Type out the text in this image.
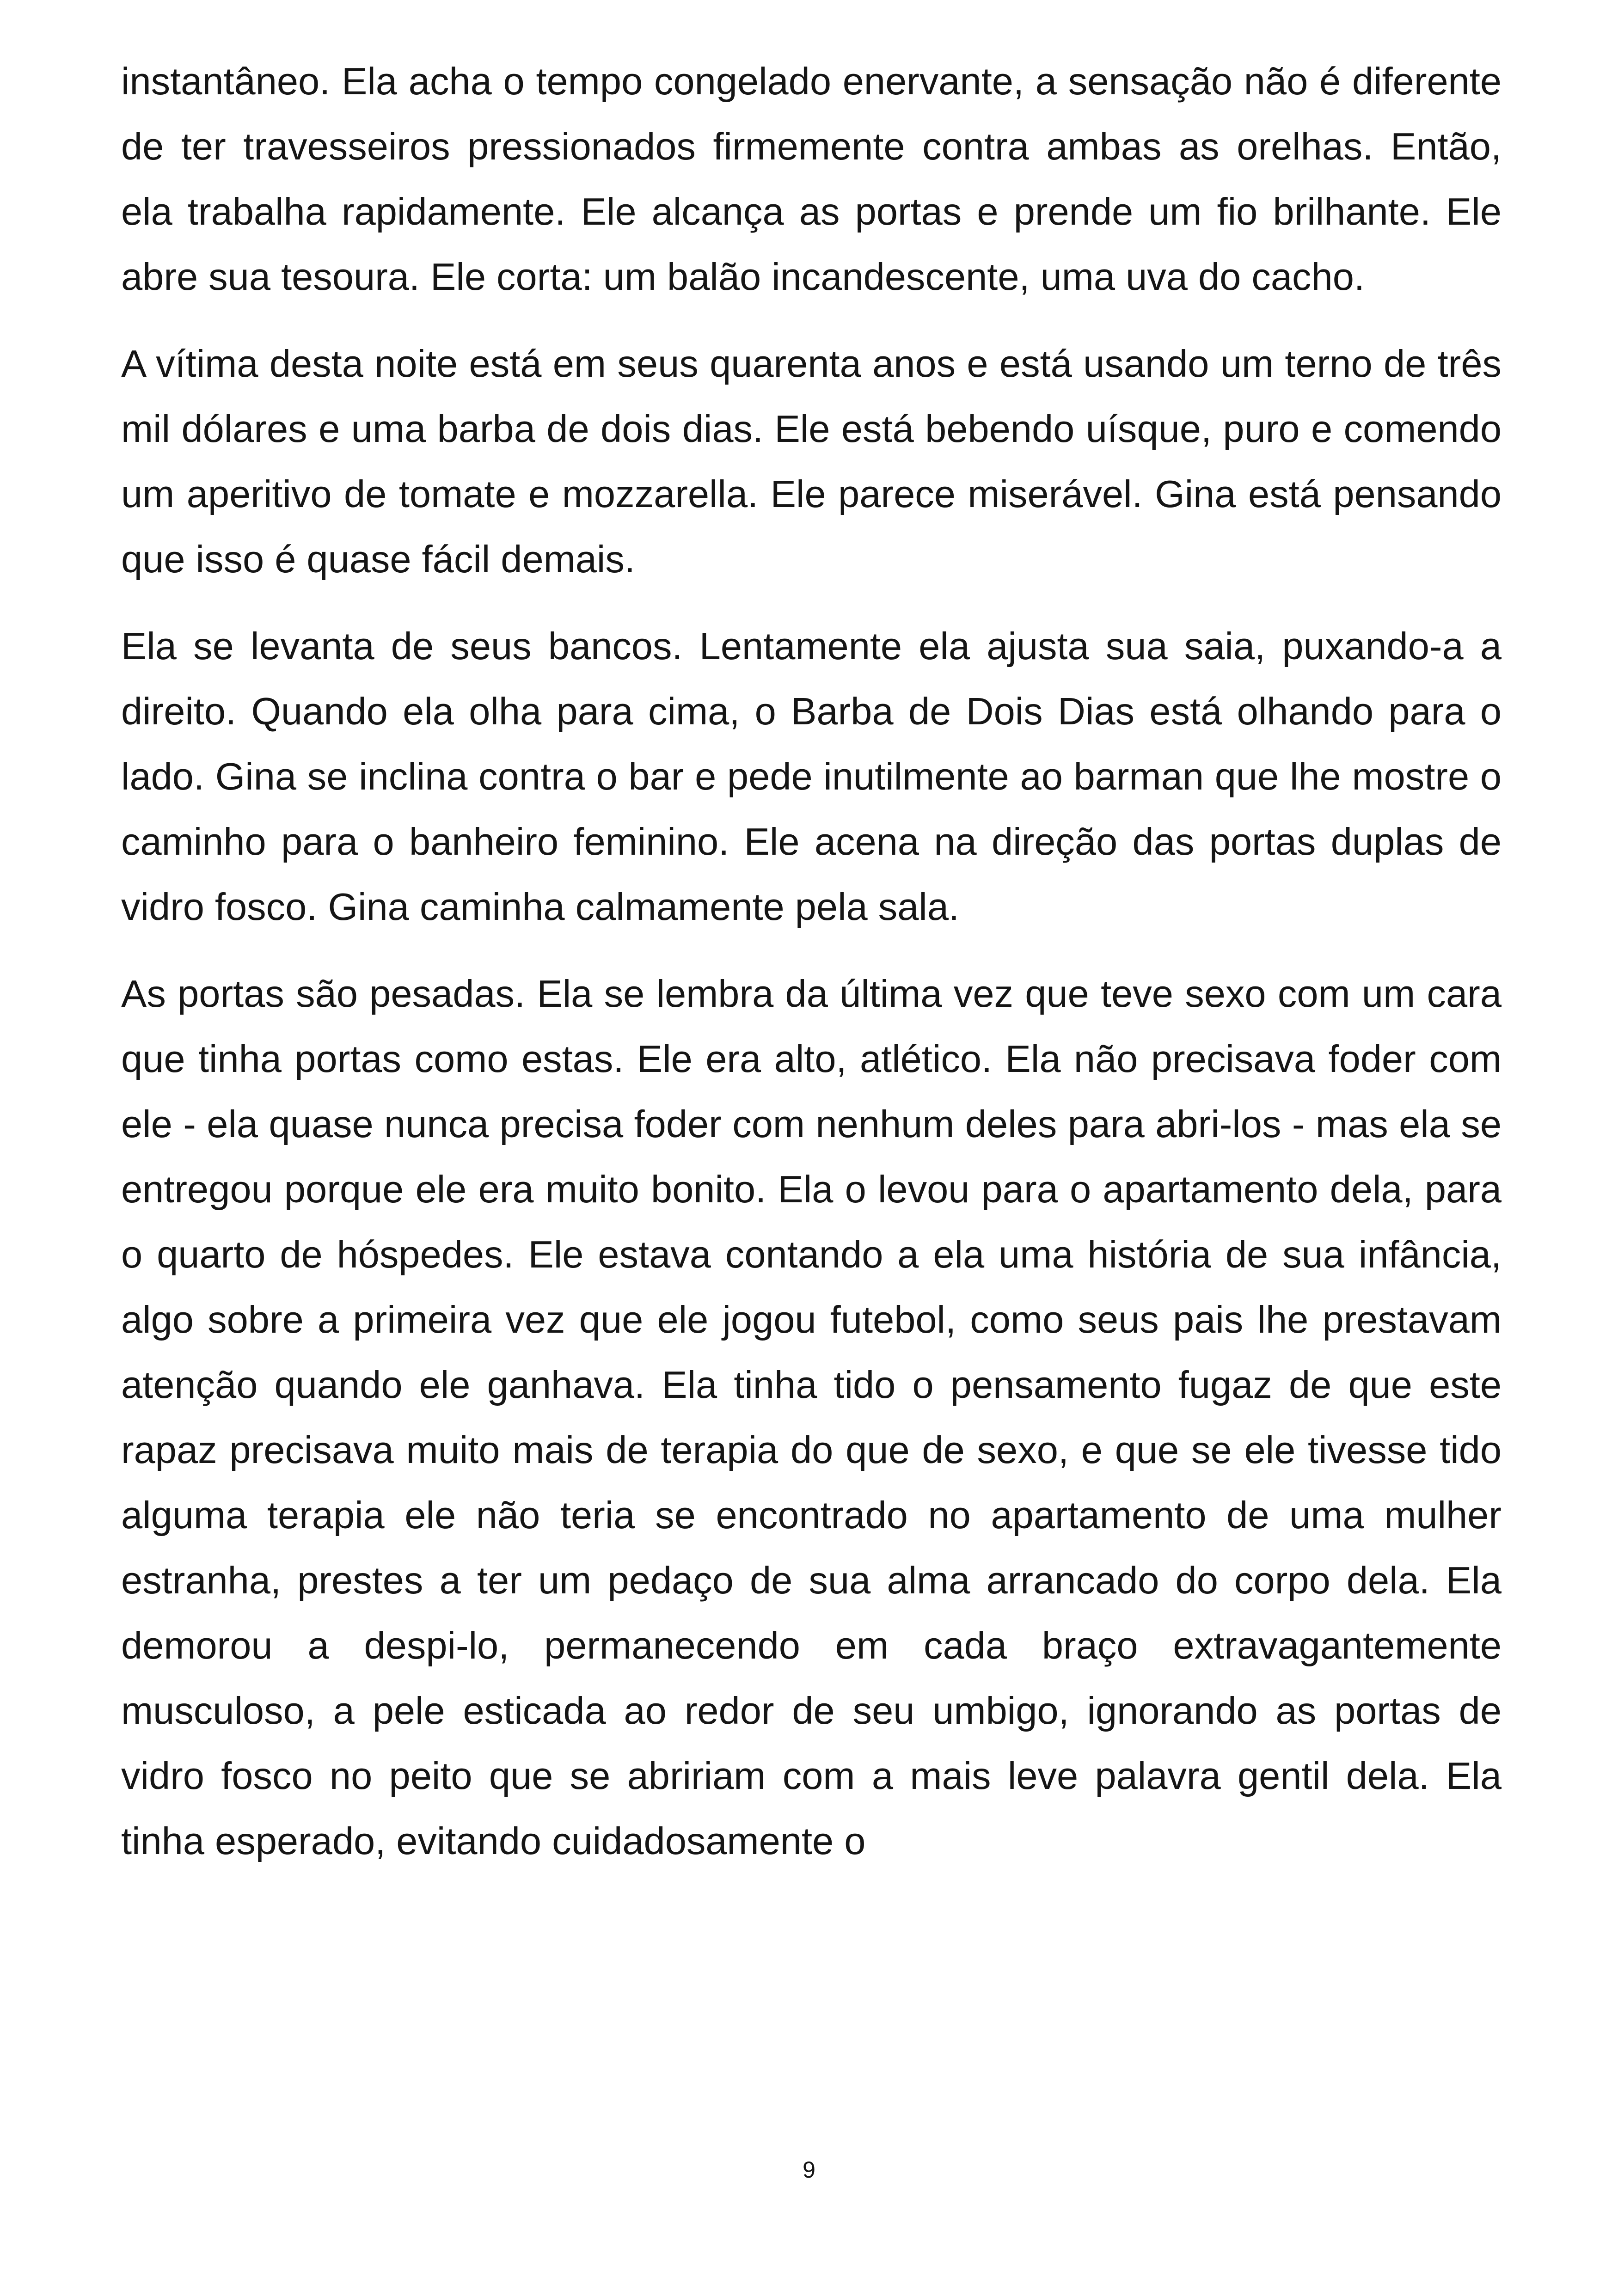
instantâneo. Ela acha o tempo congelado enervante, a sensação não é diferente de ter travesseiros pressionados firmemente contra ambas as orelhas. Então, ela trabalha rapidamente. Ele alcança as portas e prende um fio brilhante. Ele abre sua tesoura. Ele corta: um balão incandescente, uma uva do cacho.

A vítima desta noite está em seus quarenta anos e está usando um terno de três mil dólares e uma barba de dois dias. Ele está bebendo uísque, puro e comendo um aperitivo de tomate e mozzarella. Ele parece miserável. Gina está pensando que isso é quase fácil demais.

Ela se levanta de seus bancos. Lentamente ela ajusta sua saia, puxando-a a direito. Quando ela olha para cima, o Barba de Dois Dias está olhando para o lado. Gina se inclina contra o bar e pede inutilmente ao barman que lhe mostre o caminho para o banheiro feminino. Ele acena na direção das portas duplas de vidro fosco. Gina caminha calmamente pela sala.

As portas são pesadas. Ela se lembra da última vez que teve sexo com um cara que tinha portas como estas. Ele era alto, atlético. Ela não precisava foder com ele - ela quase nunca precisa foder com nenhum deles para abri-los - mas ela se entregou porque ele era muito bonito. Ela o levou para o apartamento dela, para o quarto de hóspedes. Ele estava contando a ela uma história de sua infância, algo sobre a primeira vez que ele jogou futebol, como seus pais lhe prestavam atenção quando ele ganhava. Ela tinha tido o pensamento fugaz de que este rapaz precisava muito mais de terapia do que de sexo, e que se ele tivesse tido alguma terapia ele não teria se encontrado no apartamento de uma mulher estranha, prestes a ter um pedaço de sua alma arrancado do corpo dela. Ela demorou a despi-lo, permanecendo em cada braço extravagantemente musculoso, a pele esticada ao redor de seu umbigo, ignorando as portas de vidro fosco no peito que se abririam com a mais leve palavra gentil dela. Ela tinha esperado, evitando cuidadosamente o

9
